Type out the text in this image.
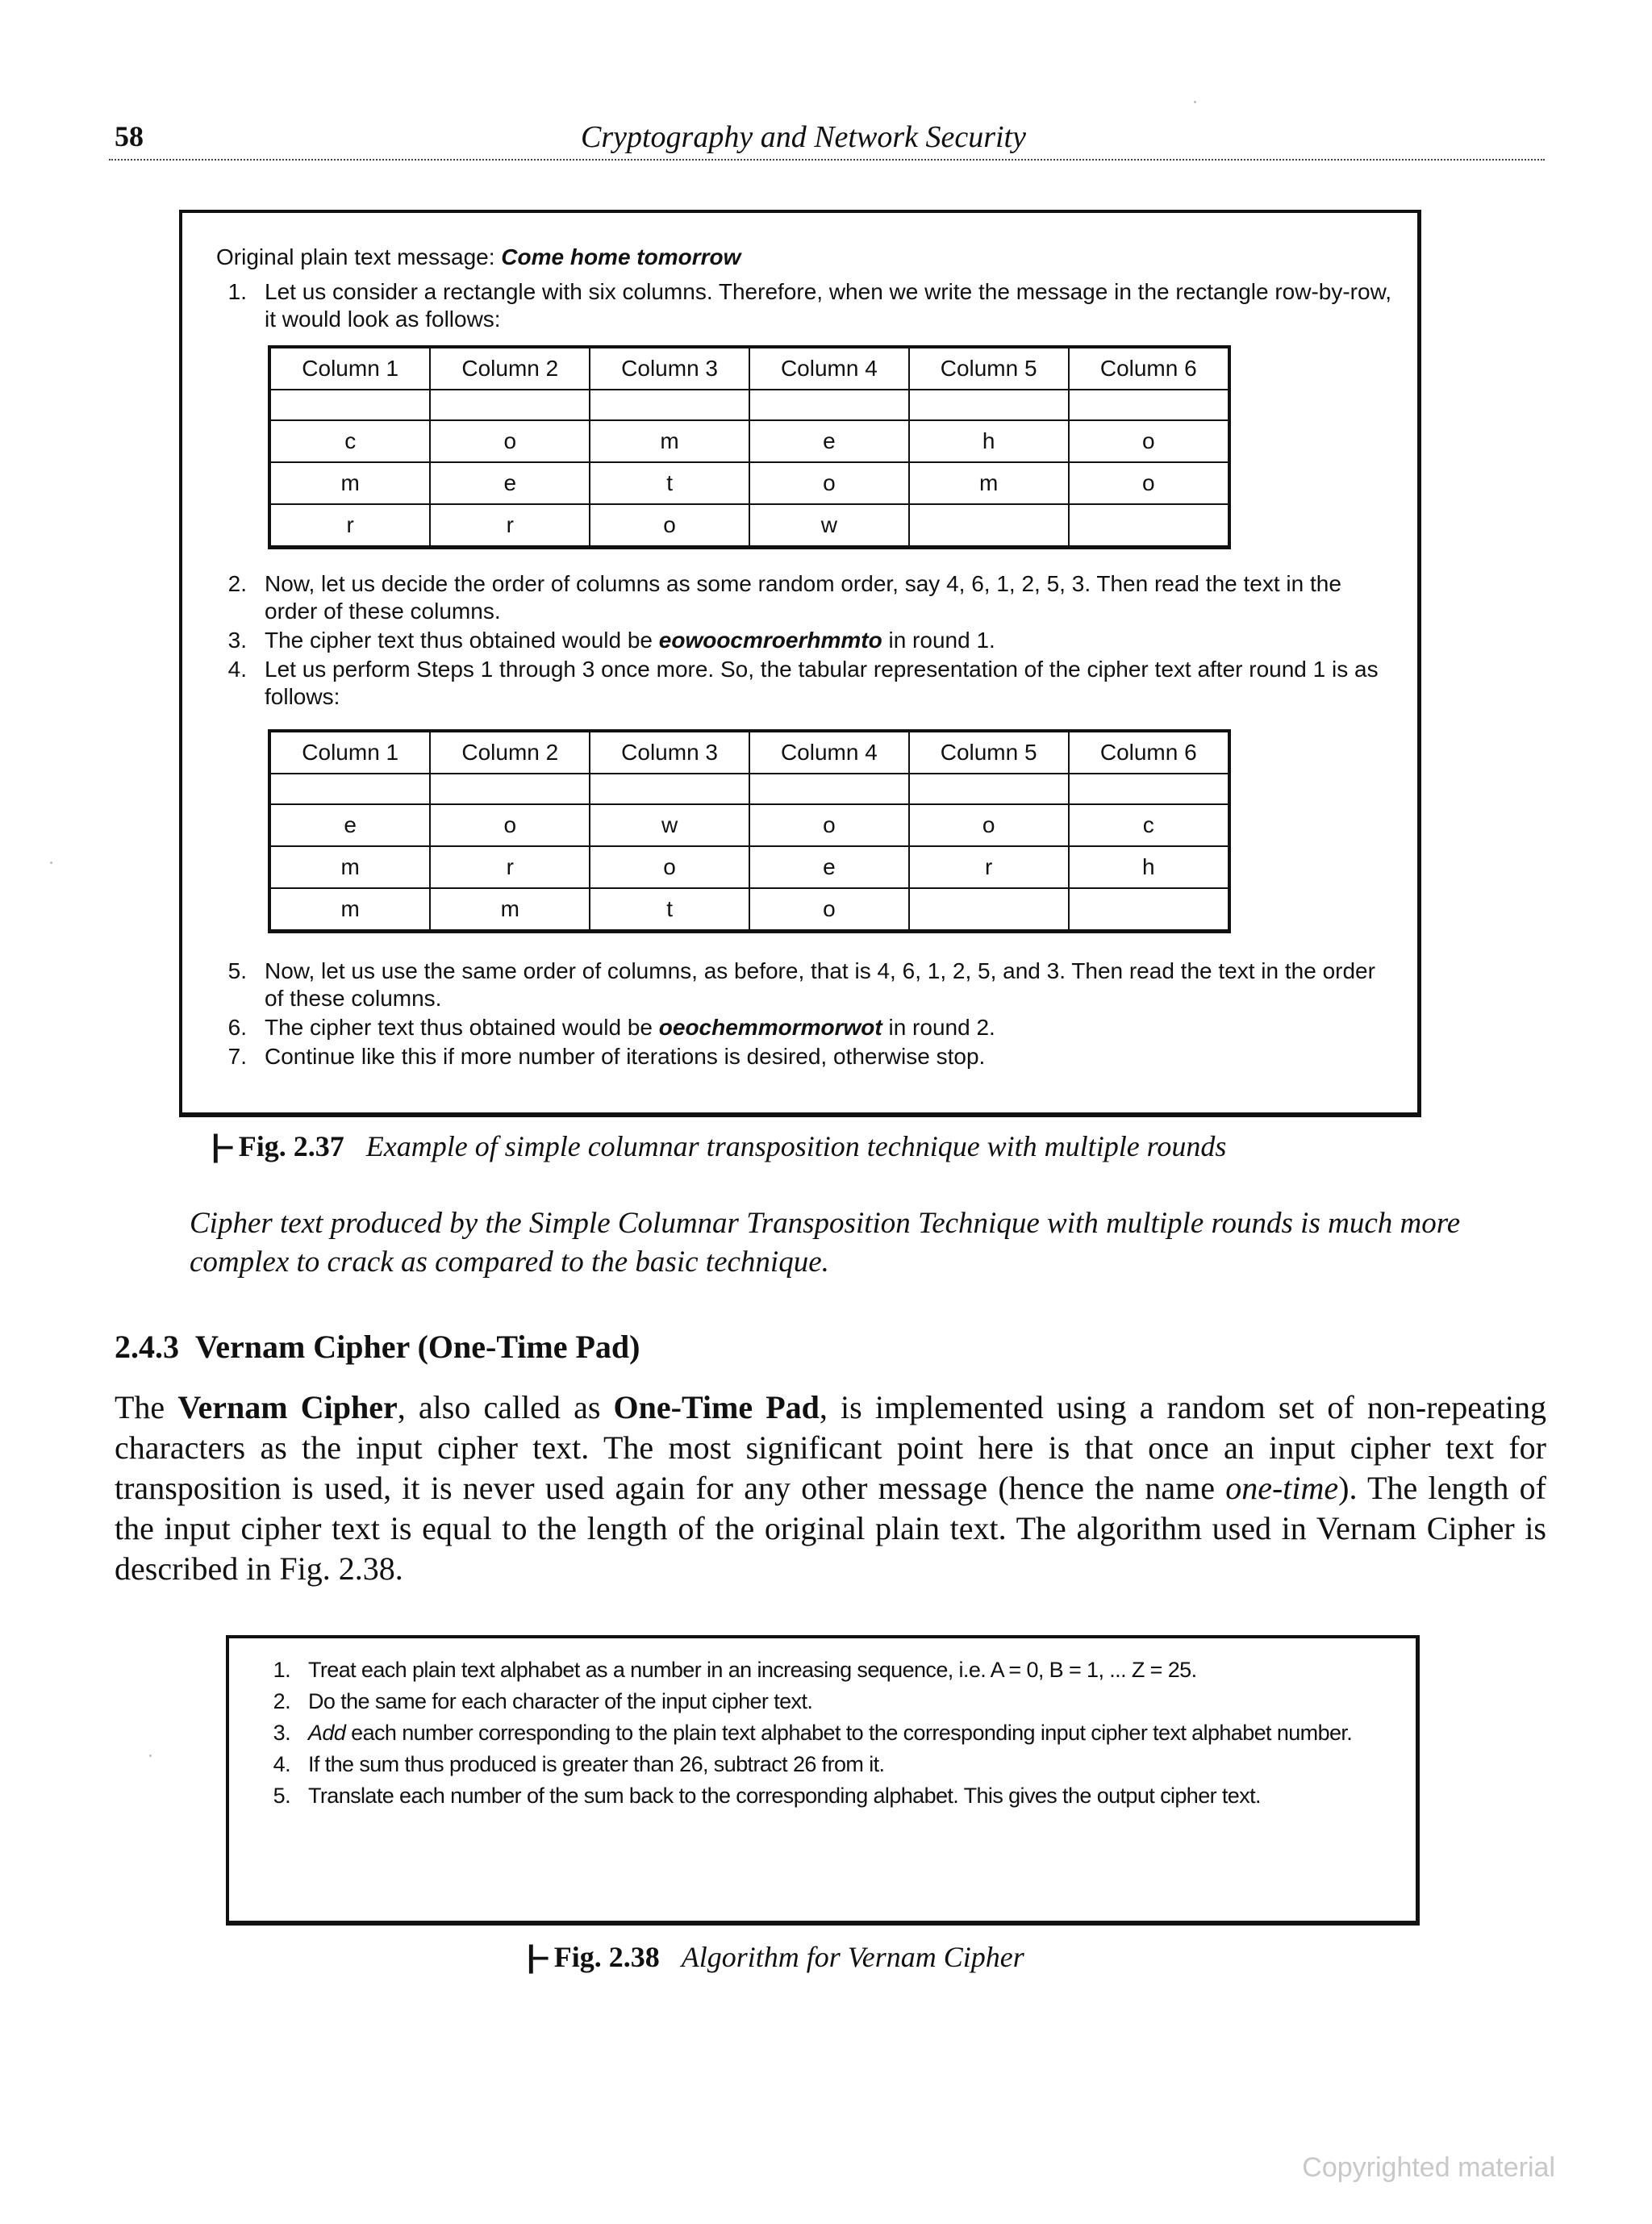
58	Cryptography and Network Security
Original plain text message: Come home tomorrow
1. Let us consider a rectangle with six columns. Therefore, when we write the message in the rectangle row-by-row, it would look as follows:
Column 1	Column 2	Column 3	Column 4	Column 5	Column 6

c	o	m	e	h	o
m	e	t	o	m	o
r	r	o	w		
2. Now, let us decide the order of columns as some random order, say 4, 6, 1, 2, 5, 3. Then read the text in the order of these columns.
3. The cipher text thus obtained would be eowoocmroerhmmto in round 1.
4. Let us perform Steps 1 through 3 once more. So, the tabular representation of the cipher text after round 1 is as follows:
Column 1	Column 2	Column 3	Column 4	Column 5	Column 6

e	o	w	o	o	c
m	r	o	e	r	h
m	m	t	o		
5. Now, let us use the same order of columns, as before, that is 4, 6, 1, 2, 5, and 3. Then read the text in the order of these columns.
6. The cipher text thus obtained would be oeochemmormorwot in round 2.
7. Continue like this if more number of iterations is desired, otherwise stop.
|– Fig. 2.37 Example of simple columnar transposition technique with multiple rounds
Cipher text produced by the Simple Columnar Transposition Technique with multiple rounds is much more complex to crack as compared to the basic technique.
2.4.3 Vernam Cipher (One-Time Pad)
The Vernam Cipher, also called as One-Time Pad, is implemented using a random set of non-repeating characters as the input cipher text. The most significant point here is that once an input cipher text for transposition is used, it is never used again for any other message (hence the name one-time). The length of the input cipher text is equal to the length of the original plain text. The algorithm used in Vernam Cipher is described in Fig. 2.38.
1. Treat each plain text alphabet as a number in an increasing sequence, i.e. A = 0, B = 1, ... Z = 25.
2. Do the same for each character of the input cipher text.
3. Add each number corresponding to the plain text alphabet to the corresponding input cipher text alphabet number.
4. If the sum thus produced is greater than 26, subtract 26 from it.
5. Translate each number of the sum back to the corresponding alphabet. This gives the output cipher text.
|– Fig. 2.38 Algorithm for Vernam Cipher
Copyrighted material
